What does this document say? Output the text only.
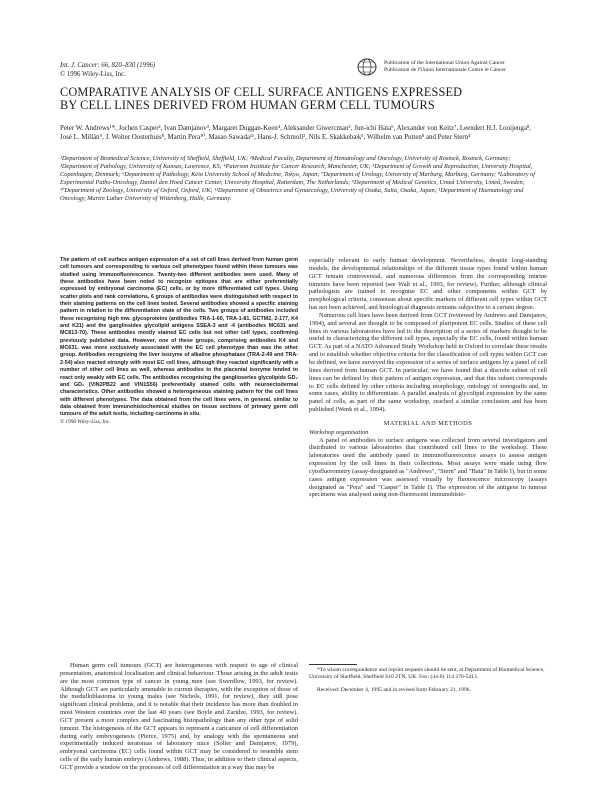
Int. J. Cancer: 66, 820–830 (1996)
© 1996 Wiley-Liss, Inc.
Publication of the International Union Against Cancer
Publication de l'Union Internationale Contre le Cancer
COMPARATIVE ANALYSIS OF CELL SURFACE ANTIGENS EXPRESSED
BY CELL LINES DERIVED FROM HUMAN GERM CELL TUMOURS
Peter W. Andrews¹*, Jochen Casper², Ivan Damjanov³, Margaret Duggan-Keen⁴, Aleksander Giwercman⁵, Jun-ichi Hata⁶, Alexander von Keitz⁷, Leendert H.J. Looijenga⁸, José L. Millán⁹, J. Wolter Oosterhuis⁸, Martin Pera¹⁰, Masao Sawada¹¹, Hans-J. Schmoll², Nils E. Skakkebæk⁵, Wilhelm van Putten⁸ and Peter Stern⁴
¹Department of Biomedical Science, University of Sheffield, Sheffield, UK; ²Medical Faculty, Department of Hematology and Oncology, University of Rostock, Rostock, Germany; ³Department of Pathology, University of Kansas, Lawrence, KS; ⁴Paterson Institute for Cancer Research, Manchester, UK; ⁵Department of Growth and Reproduction, University Hospital, Copenhagen, Denmark; ⁶Department of Pathology, Keio University School of Medicine, Tokyo, Japan; ⁷Department of Urology, University of Marburg, Marburg, Germany; ⁸Laboratory of Experimental Patho-Oncology, Daniel den Hoed Cancer Center, University Hospital, Rotterdam, The Netherlands; ⁹Department of Medical Genetics, Umeå University, Umeå, Sweden; ¹⁰Department of Zoology, University of Oxford, Oxford, UK; ¹¹Department of Obstetrics and Gynaecology, University of Osaka, Suita, Osaka, Japan; ¹Department of Haematology and Oncology, Martin Luther University of Wittenberg, Halle, Germany.
The pattern of cell surface antigen expression of a set of cell lines derived from human germ cell tumours and corresponding to various cell phenotypes found within these tumours was studied using immunofluorescence. Twenty-two different antibodies were used. Many of these antibodies have been noted to recognize epitopes that are either preferentially expressed by embryonal carcinoma (EC) cells, or by more differentiated cell types. Using scatter plots and rank correlations, 6 groups of antibodies were distinguished with respect to their staining patterns on the cell lines tested. Several antibodies showed a specific staining pattern in relation to the differentiation state of the cells. Two groups of antibodies included these recognising high mw. glycoproteins (antibodies TRA-1-60, TRA-1-81, GCTM2, 2-177, K4 and K21) and the gangliosides glycolipid antigens SSEA-3 and -4 (antibodies MC631 and MC813-70). These antibodies mostly stained EC cells but not other cell types, confirming previously published data. However, one of these groups, comprising antibodies K4 and MC631, was more exclusively associated with the EC cell phenotype than was the other group. Antibodies recognizing the liver isozyme of alkaline phosphatase (TRA-2-49 and TRA-2-54) also reacted strongly with most EC cell lines, although they reacted significantly with a number of other cell lines as well, whereas antibodies to the placental isozyme tended to react only weakly with EC cells. The antibodies recognising the ganglioseries glycolipids GD₃ and GD₂ (VIN2PB22 and VIN1S56) preferentially stained cells with neuroectodermal characteristics. Other antibodies showed a heterogeneous staining pattern for the cell lines with different phenotypes. The data obtained from the cell lines were, in general, similar to data obtained from immunohistochemical studies on tissue sections of primary germ cell tumours of the adult testis, including carcinoma in situ.
© 1996 Wiley-Liss, Inc.

Human germ cell tumours (GCT) are heterogeneous with respect to age of clinical presentation, anatomical localisation and clinical behaviour. Those arising in the adult testis are the most common type of cancer in young men (see Swerdlow, 1993, for review). Although GCT are particularly amenable to current therapies, with the exception of those of the medulloblastoma in young males (see Nichols, 1991, for review), they still pose significant clinical problems, and it is notable that their incidence has more than doubled in most Western countries over the last 40 years (see Boyle and Zaridze, 1993, for review). GCT present a more complex and fascinating histopathology than any other type of solid tumour. The histogenesis of the GCT appears to represent a caricature of cell differentiation during early embryogenesis (Pierce, 1975) and, by analogy with the spontaneous and experimentally induced teratomas of laboratory mice (Solter and Damjanov, 1979), embryonal carcinoma (EC) cells found within GCT may be considered to resemble stem cells of the early human embryo (Andrews, 1988). Thus, in addition to their clinical aspects, GCT provide a window on the processes of cell differentiation in a way that may be

especially relevant to early human development. Nevertheless, despite long-standing models, the developmental relationships of the different tissue types found within human GCT remain controversial, and numerous differences from the corresponding murine tumours have been reported (see Walt et al., 1993, for review). Further, although clinical pathologists are trained to recognise EC and other components within GCT by morphological criteria, consensus about specific markers of different cell types within GCT has not been achieved, and histological diagnosis remains subjective to a certain degree.

Numerous cell lines have been derived from GCT (reviewed by Andrews and Damjanov, 1994), and several are thought to be composed of pluripotent EC cells. Studies of these cell lines in various laboratories have led to the description of a series of markers thought to be useful in characterizing the different cell types, especially the EC cells, found within human GCT. As part of a NATO Advanced Study Workshop held in Oxford to correlate these results and to establish whether objective criteria for the classification of cell types within GCT can be defined, we have surveyed the expression of a series of surface antigens by a panel of cell lines derived from human GCT. In particular, we have found that a discrete subset of cell lines can be defined by their pattern of antigen expression, and that this subset corresponds to EC cells defined by other criteria including morphology, ontology of xenografts and, in some cases, ability to differentiate. A parallel analysis of glycolipid expression by the same panel of cells, as part of the same workshop, reached a similar conclusion and has been published (Wenk et al., 1994).

MATERIAL AND METHODS
Workshop organisation

A panel of antibodies to surface antigens was collected from several investigators and distributed to various laboratories that contributed cell lines to the workshop. These laboratories used the antibody panel in immunofluorescence assays to assess antigen expression by the cell lines in their collections. Most assays were made using flow cytofluorometry (assay-designated as "Andrews", "Stern" and "Hata" in Table I), but in some cases antigen expression was assessed visually by fluorescence microscopy (assays designated as "Pera" and "Casper" in Table I). The expression of the antigens in tumour specimens was analysed using non-fluorescent immunohisto-

*To whom correspondence and reprint requests should be sent, at Department of Biomedical Science, University of Sheffield, Sheffield S10 2TN, UK. Fax: (44-0) 114 276-5413.

Received: December 4, 1995 and in revised form February 21, 1996.
